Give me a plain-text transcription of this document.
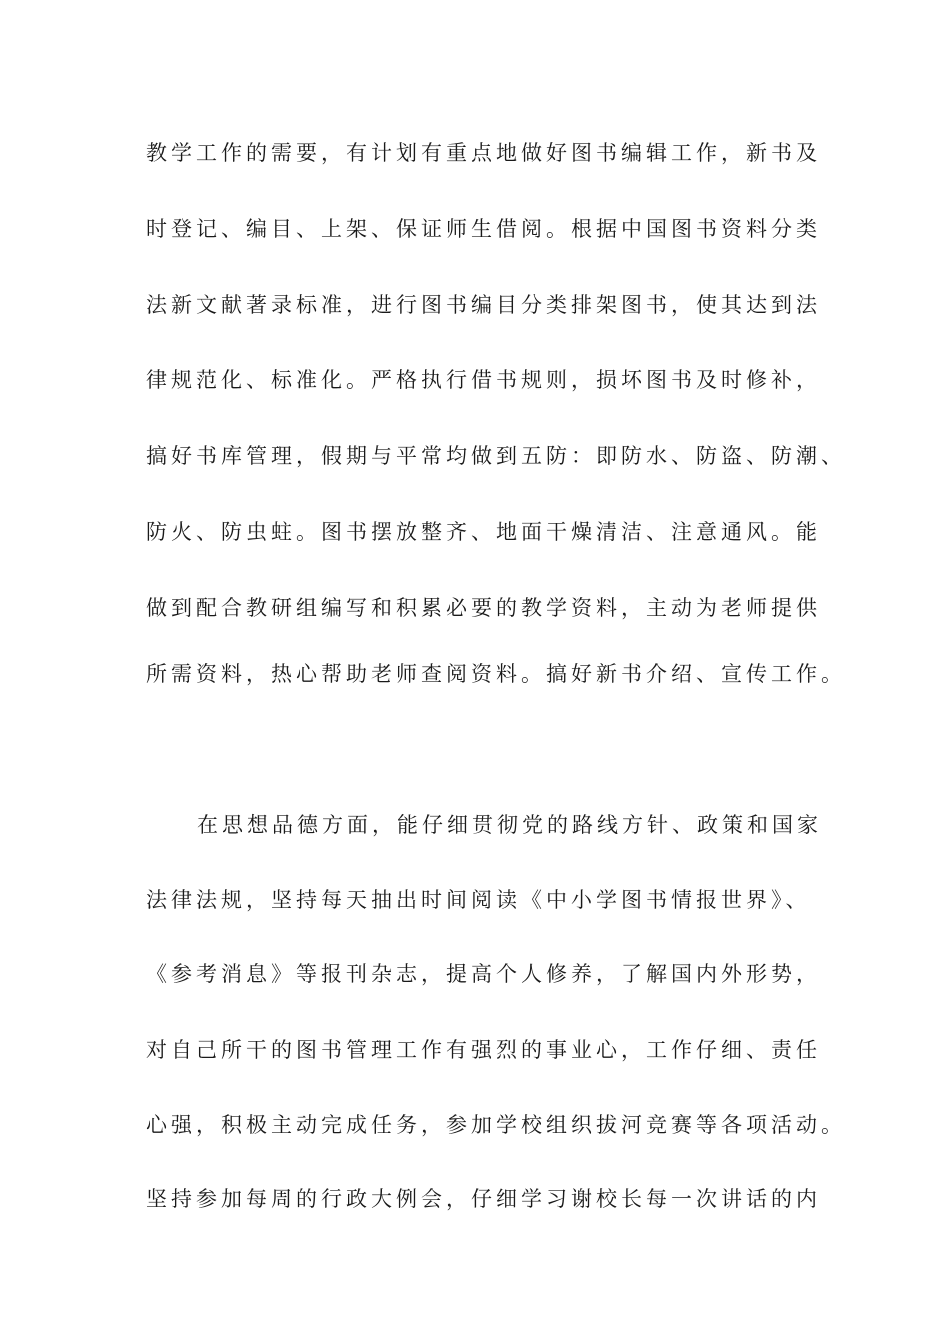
教学工作的需要，有计划有重点地做好图书编辑工作，新书及
时登记、编目、上架、保证师生借阅。根据中国图书资料分类
法新文献著录标准，进行图书编目分类排架图书，使其达到法
律规范化、标准化。严格执行借书规则，损坏图书及时修补，
搞好书库管理，假期与平常均做到五防：即防水、防盗、防潮、
防火、防虫蛀。图书摆放整齐、地面干燥清洁、注意通风。能
做到配合教研组编写和积累必要的教学资料，主动为老师提供
所需资料，热心帮助老师查阅资料。搞好新书介绍、宣传工作。
在思想品德方面，能仔细贯彻党的路线方针、政策和国家
法律法规，坚持每天抽出时间阅读《中小学图书情报世界》、
《参考消息》等报刊杂志，提高个人修养，了解国内外形势，
对自己所干的图书管理工作有强烈的事业心，工作仔细、责任
心强，积极主动完成任务，参加学校组织拔河竞赛等各项活动。
坚持参加每周的行政大例会，仔细学习谢校长每一次讲话的内
